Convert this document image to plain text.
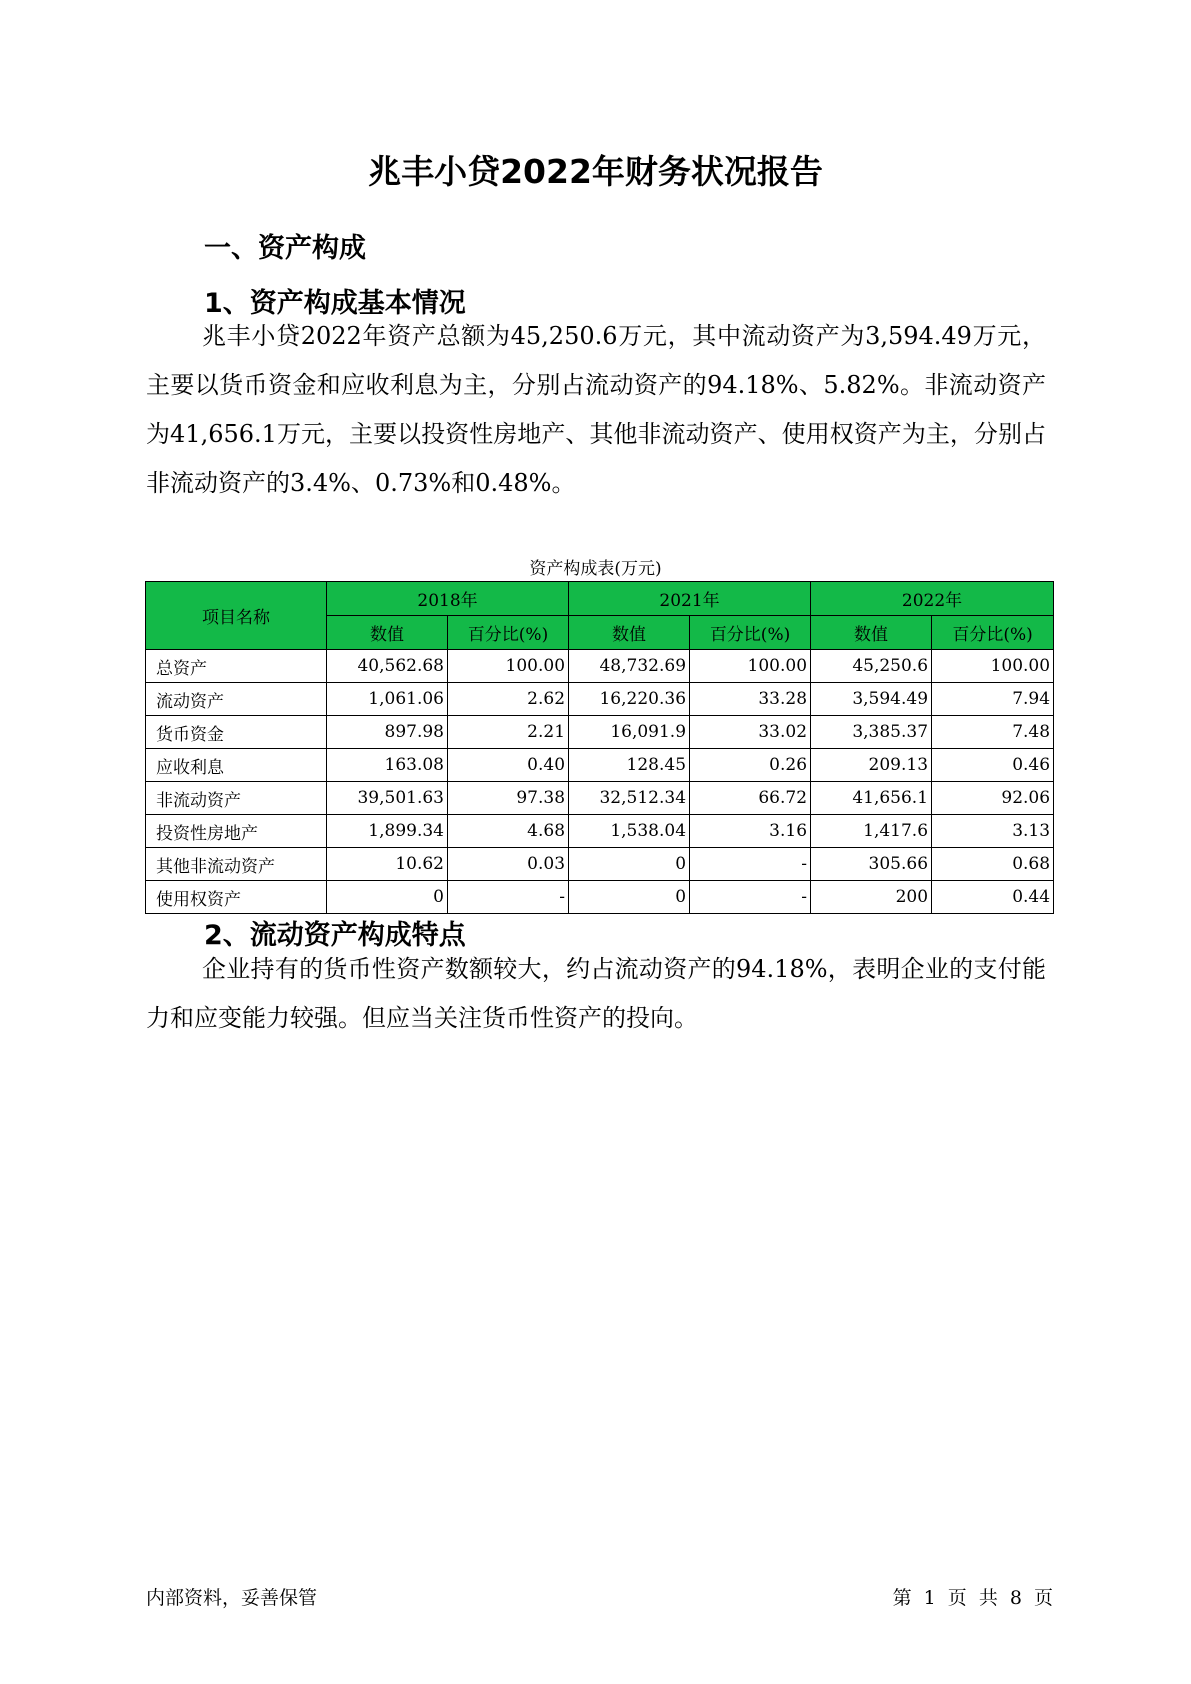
兆丰小贷2022年财务状况报告
一、资产构成
1、资产构成基本情况

兆丰小贷2022年资产总额为45,250.6万元，其中流动资产为3,594.49万元，主要以货币资金和应收利息为主，分别占流动资产的94.18%、5.82%。非流动资产为41,656.1万元，主要以投资性房地产、其他非流动资产、使用权资产为主，分别占非流动资产的3.4%、0.73%和0.48%。

资产构成表(万元)
项目名称	2018年		2021年		2022年	
	数值	百分比(%)	数值	百分比(%)	数值	百分比(%)
总资产	40,562.68	100.00	48,732.69	100.00	45,250.6	100.00
流动资产	1,061.06	2.62	16,220.36	33.28	3,594.49	7.94
货币资金	897.98	2.21	16,091.9	33.02	3,385.37	7.48
应收利息	163.08	0.40	128.45	0.26	209.13	0.46
非流动资产	39,501.63	97.38	32,512.34	66.72	41,656.1	92.06
投资性房地产	1,899.34	4.68	1,538.04	3.16	1,417.6	3.13
其他非流动资产	10.62	0.03	0	-	305.66	0.68
使用权资产	0	-	0	-	200	0.44
2、流动资产构成特点

企业持有的货币性资产数额较大，约占流动资产的94.18%，表明企业的支付能力和应变能力较强。但应当关注货币性资产的投向。

内部资料，妥善保管	第 1 页 共 8 页
